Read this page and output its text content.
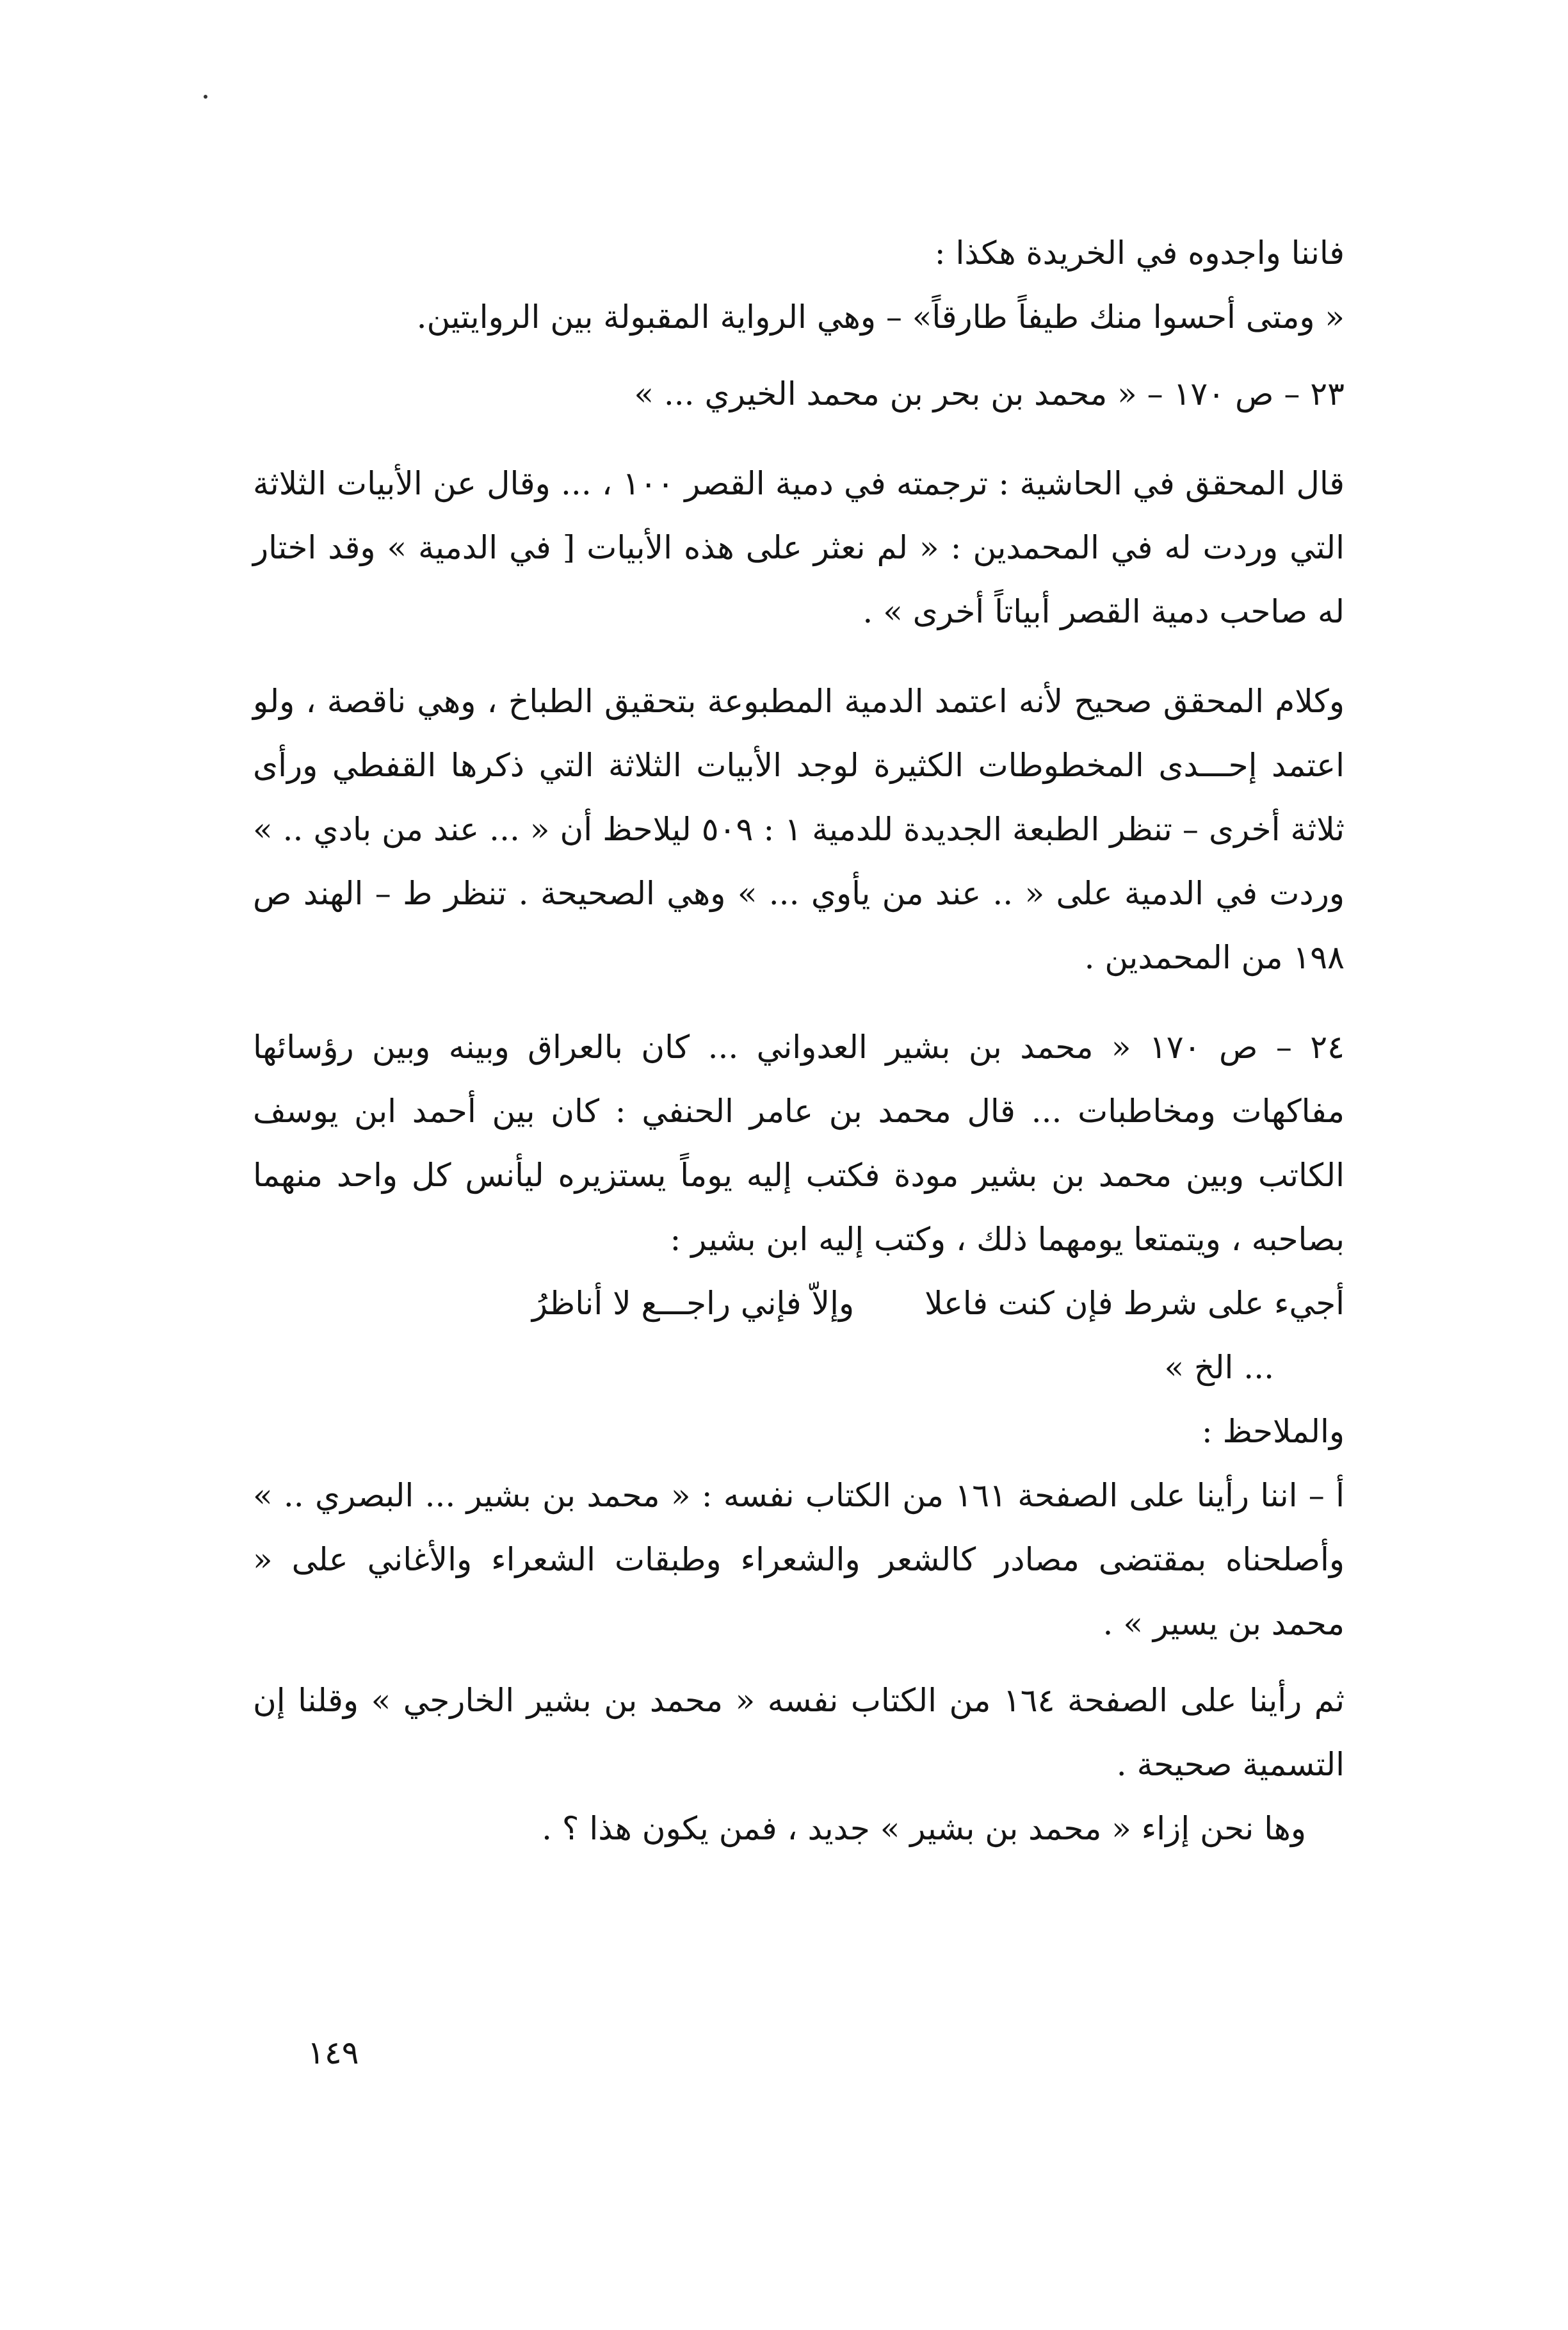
فاننا واجدوه في الخريدة هكذا :

« ومتى أحسوا منك طيفاً طارقاً» – وهي الرواية المقبولة بين الروايتين.

٢٣ – ص ١٧٠ – « محمد بن بحر بن محمد الخيري ... »

قال المحقق في الحاشية : ترجمته في دمية القصر ١٠٠ ، ... وقال عن الأبيات الثلاثة التي وردت له في المحمدين : « لم نعثر على هذه الأبيات [ في الدمية » وقد اختار له صاحب دمية القصر أبياتاً أخرى » .

وكلام المحقق صحيح لأنه اعتمد الدمية المطبوعة بتحقيق الطباخ ، وهي ناقصة ، ولو اعتمد إحـــدى المخطوطات الكثيرة لوجد الأبيات الثلاثة التي ذكرها القفطي ورأى ثلاثة أخرى – تنظر الطبعة الجديدة للدمية ١ : ٥٠٩ ليلاحظ أن « ... عند من بادي .. » وردت في الدمية على « .. عند من يأوي ... » وهي الصحيحة . تنظر ط – الهند ص ١٩٨ من المحمدين .

٢٤ – ص ١٧٠ « محمد بن بشير العدواني ... كان بالعراق وبينه وبين رؤسائها مفاكهات ومخاطبات ... قال محمد بن عامر الحنفي : كان بين أحمد ابن يوسف الكاتب وبين محمد بن بشير مودة فكتب إليه يوماً يستزيره ليأنس كل واحد منهما بصاحبه ، ويتمتعا يومهما ذلك ، وكتب إليه ابن بشير :

أجيء على شرط فإن كنت فاعلا
وإلاّ فإني راجـــع لا أناظرُ

... الخ »

والملاحظ :

أ – اننا رأينا على الصفحة ١٦١ من الكتاب نفسه : « محمد بن بشير ... البصري .. » وأصلحناه بمقتضى مصادر كالشعر والشعراء وطبقات الشعراء والأغاني على « محمد بن يسير » .

ثم رأينا على الصفحة ١٦٤ من الكتاب نفسه « محمد بن بشير الخارجي » وقلنا إن التسمية صحيحة .

وها نحن إزاء « محمد بن بشير » جديد ، فمن يكون هذا ؟ .

١٤٩
